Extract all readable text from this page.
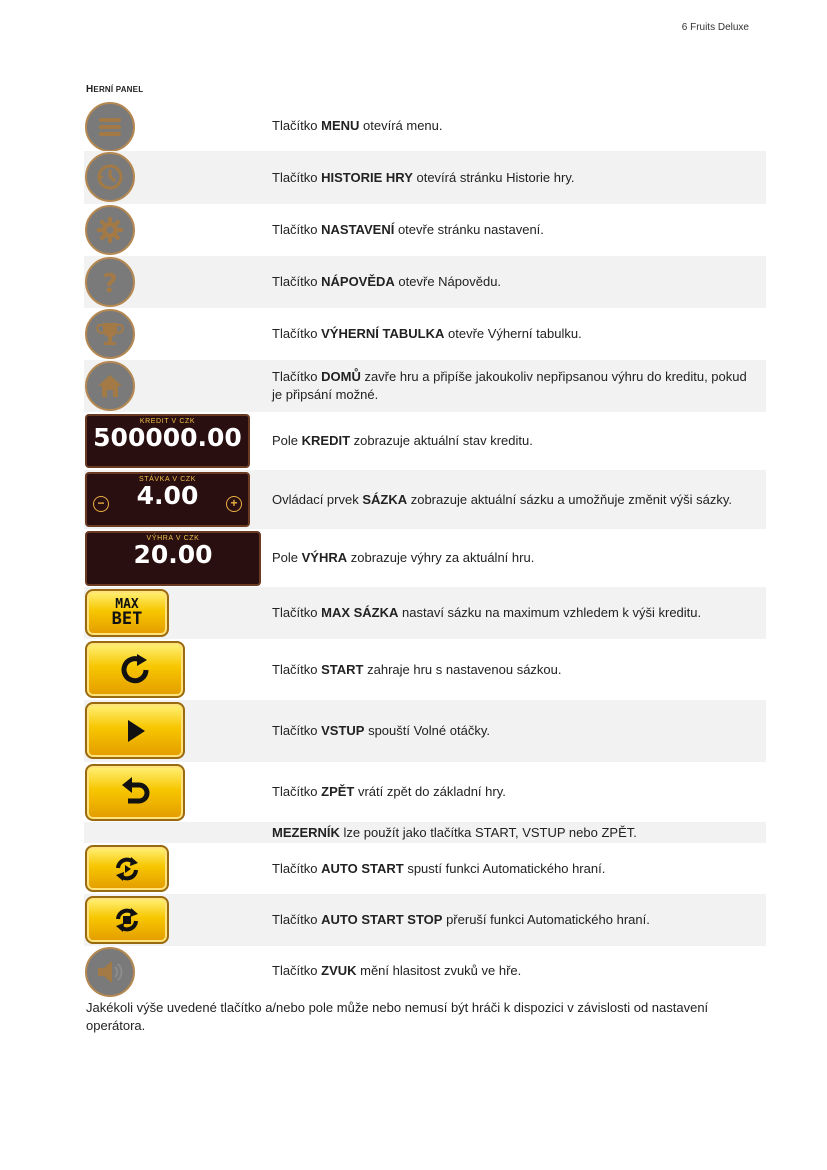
6 Fruits Deluxe
HERNÍ PANEL
Tlačítko MENU otevírá menu.
Tlačítko HISTORIE HRY otevírá stránku Historie hry.
Tlačítko NASTAVENÍ otevře stránku nastavení.
?	Tlačítko NÁPOVĚDA otevře Nápovědu.
Tlačítko VÝHERNÍ TABULKA otevře Výherní tabulku.
Tlačítko DOMŮ zavře hru a připíše jakoukoliv nepřipsanou výhru do kreditu, pokud je připsání možné.
KREDIT V CZK
500000.00	Pole KREDIT zobrazuje aktuální stav kreditu.
STÁVKA V CZK
4.00
−	+	Ovládací prvek SÁZKA zobrazuje aktuální sázku a umožňuje změnit výši sázky.
VÝHRA V CZK
20.00	Pole VÝHRA zobrazuje výhry za aktuální hru.
MAX
BET	Tlačítko MAX SÁZKA nastaví sázku na maximum vzhledem k výši kreditu.
Tlačítko START zahraje hru s nastavenou sázkou.
Tlačítko VSTUP spouští Volné otáčky.
Tlačítko ZPĚT vrátí zpět do základní hry.
MEZERNÍK lze použít jako tlačítka START, VSTUP nebo ZPĚT.
Tlačítko AUTO START spustí funkci Automatického hraní.
Tlačítko AUTO START STOP přeruší funkci Automatického hraní.
Tlačítko ZVUK mění hlasitost zvuků ve hře.
Jakékoli výše uvedené tlačítko a/nebo pole může nebo nemusí být hráči k dispozici v závislosti od nastavení operátora.
